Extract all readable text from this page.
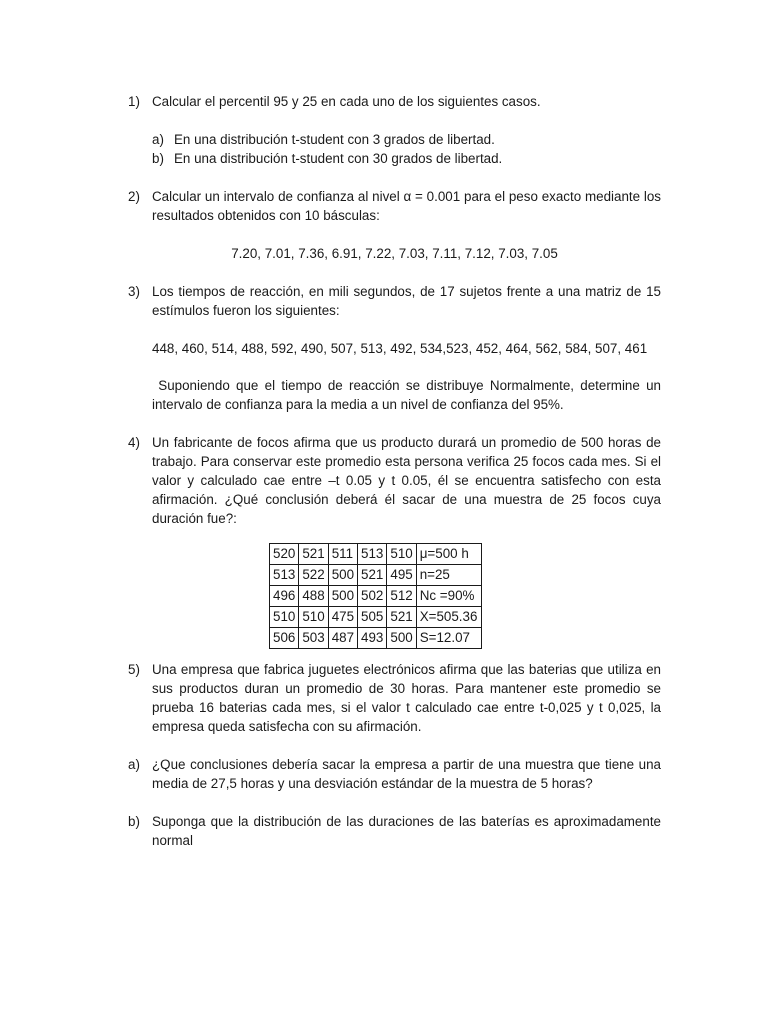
1) Calcular el percentil 95 y 25 en cada uno de los siguientes casos.
a) En una distribución t-student con 3 grados de libertad.
b) En una distribución t-student con 30 grados de libertad.
2) Calcular un intervalo de confianza al nivel α = 0.001 para el peso exacto mediante los resultados obtenidos con 10 básculas:
7.20, 7.01, 7.36, 6.91, 7.22, 7.03, 7.11, 7.12, 7.03, 7.05
3) Los tiempos de reacción, en mili segundos, de 17 sujetos frente a una matriz de 15 estímulos fueron los siguientes:
448, 460, 514, 488, 592, 490, 507, 513, 492, 534,523, 452, 464, 562, 584, 507, 461
Suponiendo que el tiempo de reacción se distribuye Normalmente, determine un intervalo de confianza para la media a un nivel de confianza del 95%.
4) Un fabricante de focos afirma que us producto durará un promedio de 500 horas de trabajo. Para conservar este promedio esta persona verifica 25 focos cada mes. Si el valor y calculado cae entre –t 0.05 y t 0.05, él se encuentra satisfecho con esta afirmación. ¿Qué conclusión deberá él sacar de una muestra de 25 focos cuya duración fue?:
520	521	511	513	510	μ=500 h
513	522	500	521	495	n=25
496	488	500	502	512	Nc =90%
510	510	475	505	521	X=505.36
506	503	487	493	500	S=12.07
5) Una empresa que fabrica juguetes electrónicos afirma que las baterias que utiliza en sus productos duran un promedio de 30 horas. Para mantener este promedio se prueba 16 baterias cada mes, si el valor t calculado cae entre t-0,025 y t 0,025, la empresa queda satisfecha con su afirmación.
a) ¿Que conclusiones debería sacar la empresa a partir de una muestra que tiene una media de 27,5 horas y una desviación estándar de la muestra de 5 horas?
b) Suponga que la distribución de las duraciones de las baterías es aproximadamente normal
